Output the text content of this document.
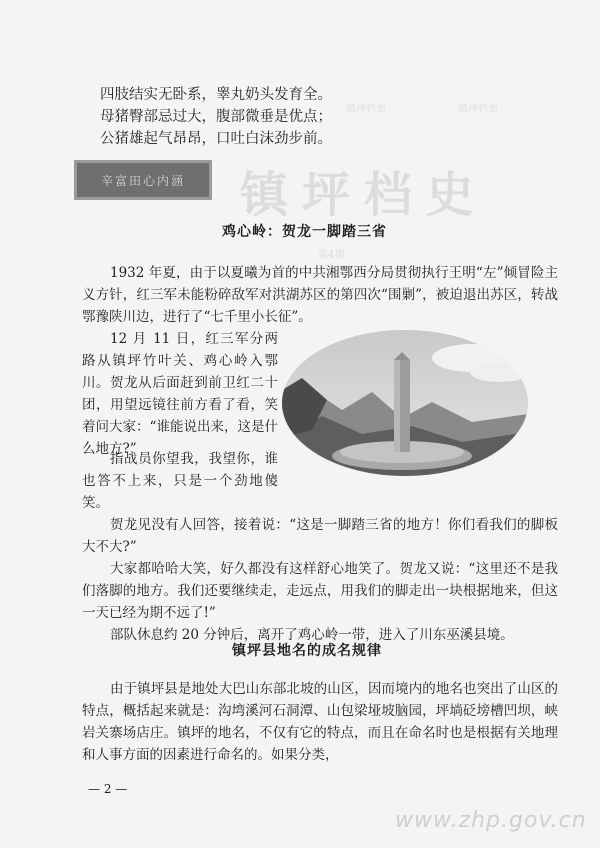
镇坪档史
镇坪档史
镇坪档史
第4期
四肢结实无卧系，睾丸奶头发育全。
母猪臀部忌过大，腹部微垂是优点；
公猪雄起气昂昂，口吐白沫劲步前。
辛富田心内涵
鸡心岭：贺龙一脚踏三省
1932 年夏，由于以夏曦为首的中共湘鄂西分局贯彻执行王明“左”倾冒险主义方针，红三军未能粉碎敌军对洪湖苏区的第四次“围剿”，被迫退出苏区，转战鄂豫陕川边，进行了“七千里小长征”。
12 月 11 日，红三军分两路从镇坪竹叶关、鸡心岭入鄂川。贺龙从后面赶到前卫红二十团，用望远镜往前方看了看，笑着问大家：“谁能说出来，这是什么地方?”
指战员你望我，我望你，谁也答不上来，只是一个劲地傻笑。
贺龙见没有人回答，接着说：“这是一脚踏三省的地方！你们看我们的脚板大不大?”
大家都哈哈大笑，好久都没有这样舒心地笑了。贺龙又说：“这里还不是我们落脚的地方。我们还要继续走，走远点，用我们的脚走出一块根据地来，但这一天已经为期不远了!”
部队休息约 20 分钟后，离开了鸡心岭一带，进入了川东巫溪县境。
镇坪县地名的成名规律
由于镇坪县是地处大巴山东部北坡的山区，因而境内的地名也突出了山区的特点，概括起来就是：沟塆溪河石洞潭、山包梁垭坡脑园，坪埫砭塝槽凹坝，峡岩关寨场店庄。镇坪的地名，不仅有它的特点，而且在命名时也是根据有关地理和人事方面的因素进行命名的。如果分类，
— 2 —
www.zhp.gov.cn
